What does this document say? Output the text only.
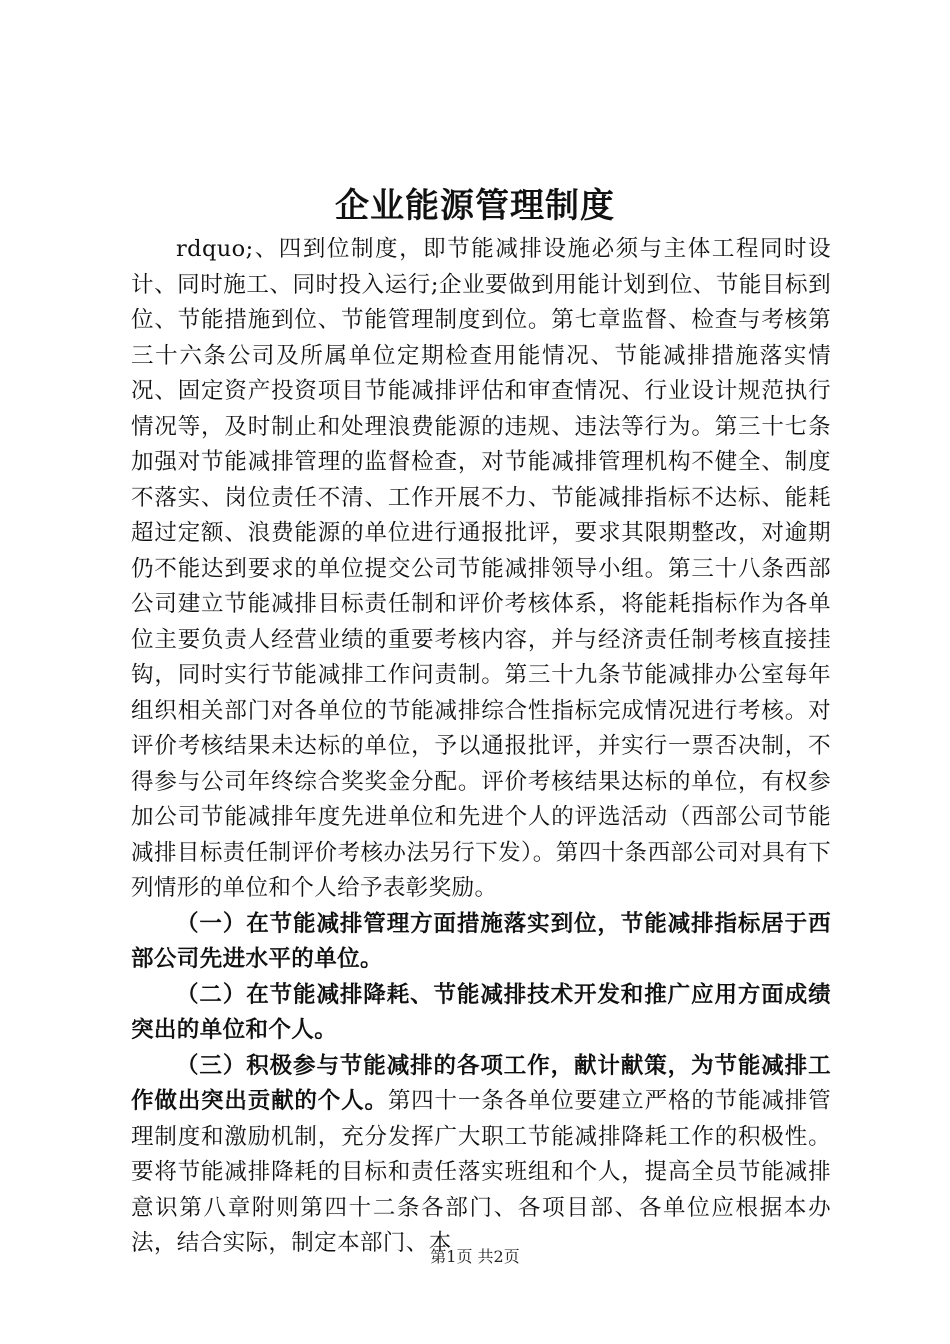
企业能源管理制度

rdquo;、四到位制度，即节能减排设施必须与主体工程同时设计、同时施工、同时投入运行;企业要做到用能计划到位、节能目标到位、节能措施到位、节能管理制度到位。第七章监督、检查与考核第三十六条公司及所属单位定期检查用能情况、节能减排措施落实情况、固定资产投资项目节能减排评估和审查情况、行业设计规范执行情况等，及时制止和处理浪费能源的违规、违法等行为。第三十七条加强对节能减排管理的监督检查，对节能减排管理机构不健全、制度不落实、岗位责任不清、工作开展不力、节能减排指标不达标、能耗超过定额、浪费能源的单位进行通报批评，要求其限期整改，对逾期仍不能达到要求的单位提交公司节能减排领导小组。第三十八条西部公司建立节能减排目标责任制和评价考核体系，将能耗指标作为各单位主要负责人经营业绩的重要考核内容，并与经济责任制考核直接挂钩，同时实行节能减排工作问责制。第三十九条节能减排办公室每年组织相关部门对各单位的节能减排综合性指标完成情况进行考核。对评价考核结果未达标的单位，予以通报批评，并实行一票否决制，不得参与公司年终综合奖奖金分配。评价考核结果达标的单位，有权参加公司节能减排年度先进单位和先进个人的评选活动（西部公司节能减排目标责任制评价考核办法另行下发）。第四十条西部公司对具有下列情形的单位和个人给予表彰奖励。

（一）在节能减排管理方面措施落实到位，节能减排指标居于西部公司先进水平的单位。

（二）在节能减排降耗、节能减排技术开发和推广应用方面成绩突出的单位和个人。

（三）积极参与节能减排的各项工作，献计献策，为节能减排工作做出突出贡献的个人。第四十一条各单位要建立严格的节能减排管理制度和激励机制，充分发挥广大职工节能减排降耗工作的积极性。要将节能减排降耗的目标和责任落实班组和个人，提高全员节能减排意识第八章附则第四十二条各部门、各项目部、各单位应根据本办法，结合实际，制定本部门、本

第1页 共2页
